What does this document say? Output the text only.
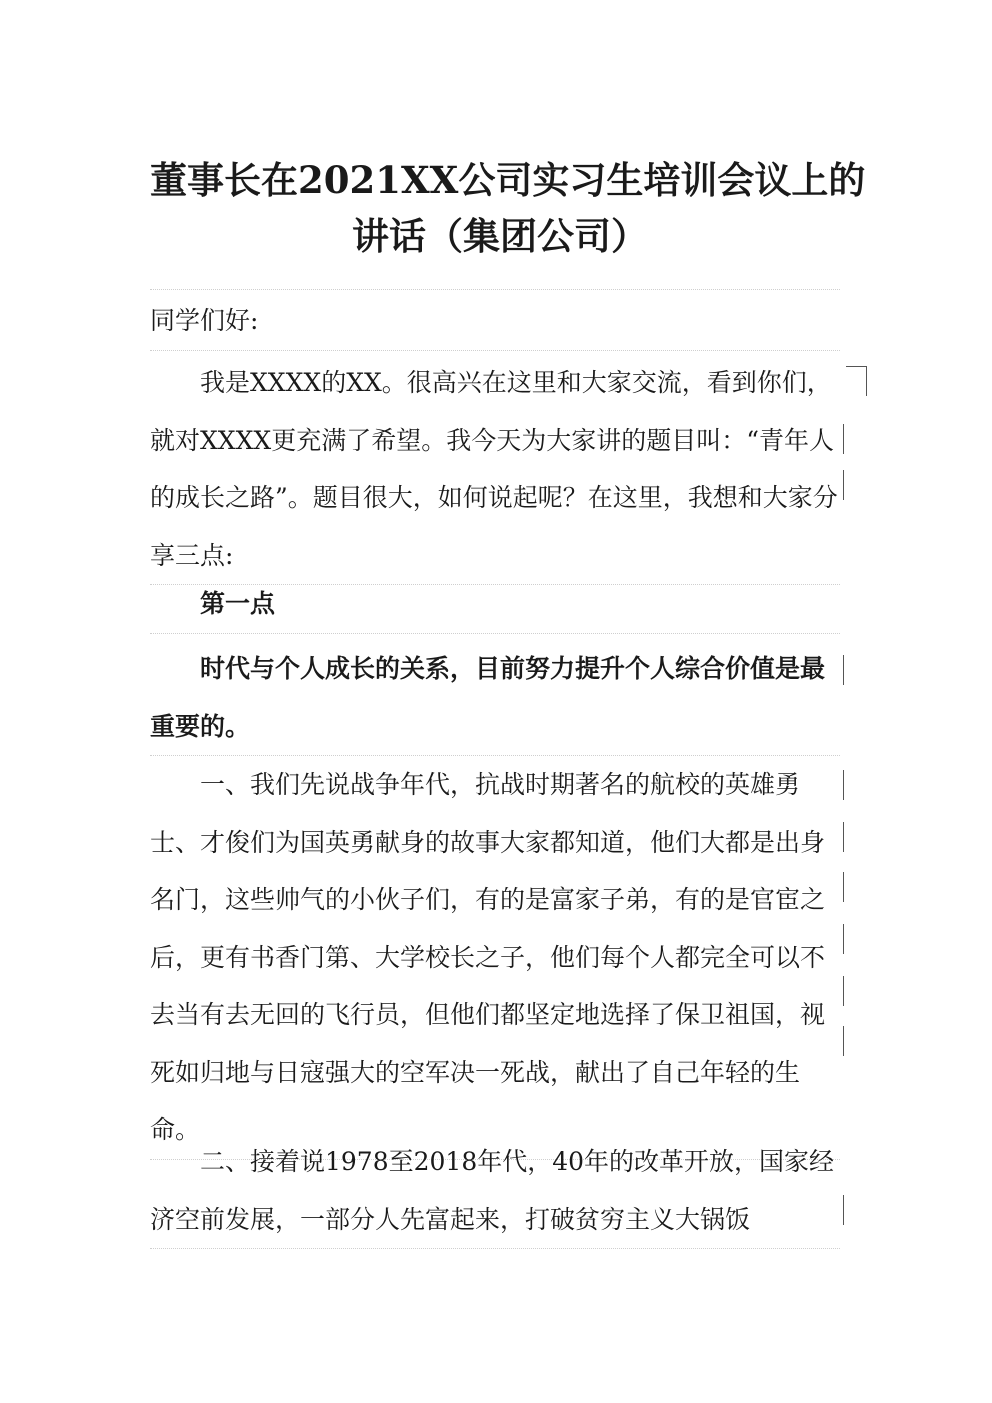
董事长在2021XX公司实习生培训会议上的
讲话（集团公司）

同学们好:

我是XXXX的XX。很高兴在这里和大家交流，看到你们，就对XXXX更充满了希望。我今天为大家讲的题目叫：“青年人的成长之路”。题目很大，如何说起呢？在这里，我想和大家分享三点:

第一点

时代与个人成长的关系，目前努力提升个人综合价值是最重要的。

一、我们先说战争年代，抗战时期著名的航校的英雄勇士、才俊们为国英勇献身的故事大家都知道，他们大都是出身名门，这些帅气的小伙子们，有的是富家子弟，有的是官宦之后，更有书香门第、大学校长之子，他们每个人都完全可以不去当有去无回的飞行员，但他们都坚定地选择了保卫祖国，视死如归地与日寇强大的空军决一死战，献出了自己年轻的生命。

二、接着说1978至2018年代，40年的改革开放，国家经济空前发展，一部分人先富起来，打破贫穷主义大锅饭
